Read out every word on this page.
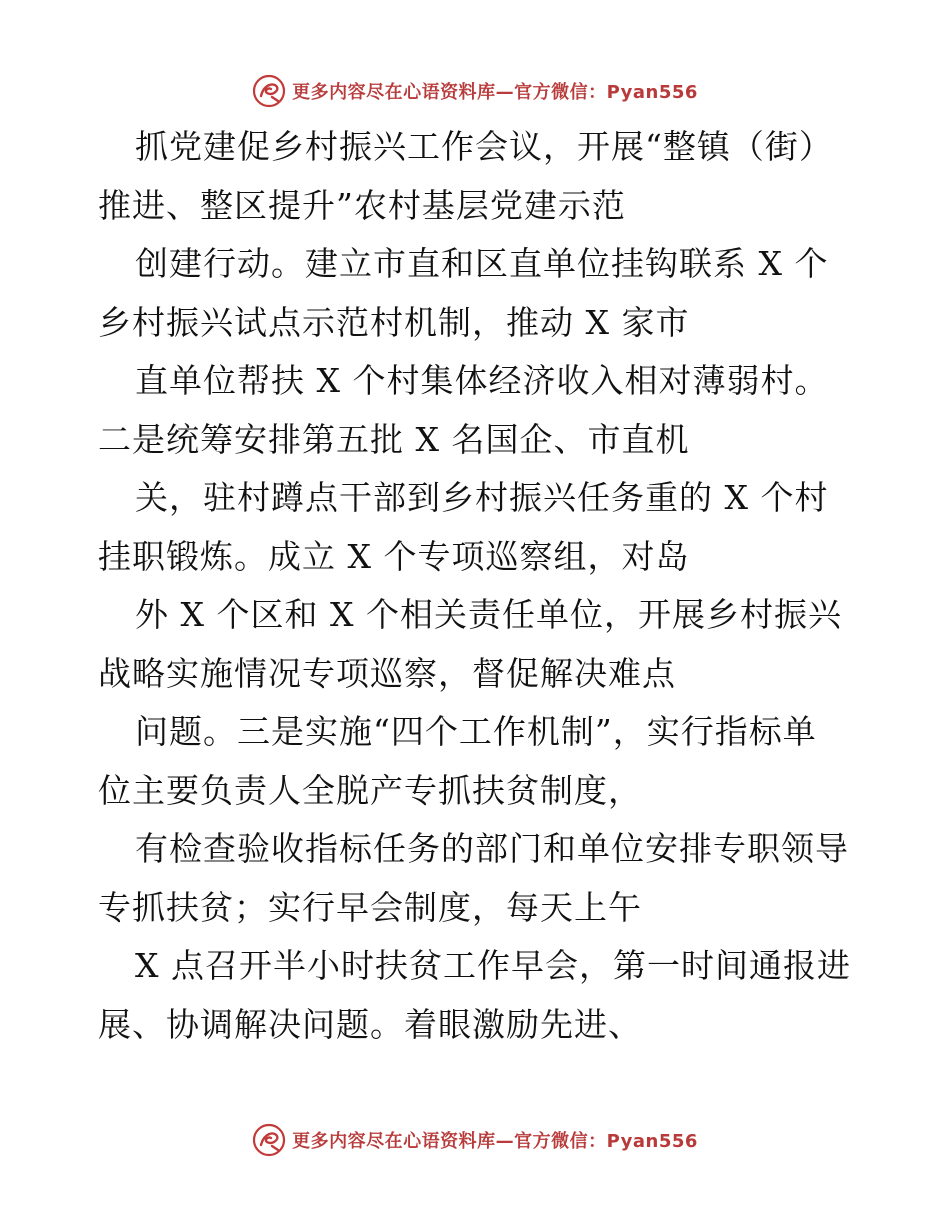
更多内容尽在心语资料库—官方微信：Pyan556
抓党建促乡村振兴工作会议，开展“整镇（街）
推进、整区提升”农村基层党建示范
创建行动。建立市直和区直单位挂钩联系 X 个
乡村振兴试点示范村机制，推动 X 家市
直单位帮扶 X 个村集体经济收入相对薄弱村。
二是统筹安排第五批 X 名国企、市直机
关，驻村蹲点干部到乡村振兴任务重的 X 个村
挂职锻炼。成立 X 个专项巡察组，对岛
外 X 个区和 X 个相关责任单位，开展乡村振兴
战略实施情况专项巡察，督促解决难点
问题。三是实施“四个工作机制”，实行指标单
位主要负责人全脱产专抓扶贫制度，
有检查验收指标任务的部门和单位安排专职领导
专抓扶贫；实行早会制度，每天上午
X 点召开半小时扶贫工作早会，第一时间通报进
展、协调解决问题。着眼激励先进、
更多内容尽在心语资料库—官方微信：Pyan556
